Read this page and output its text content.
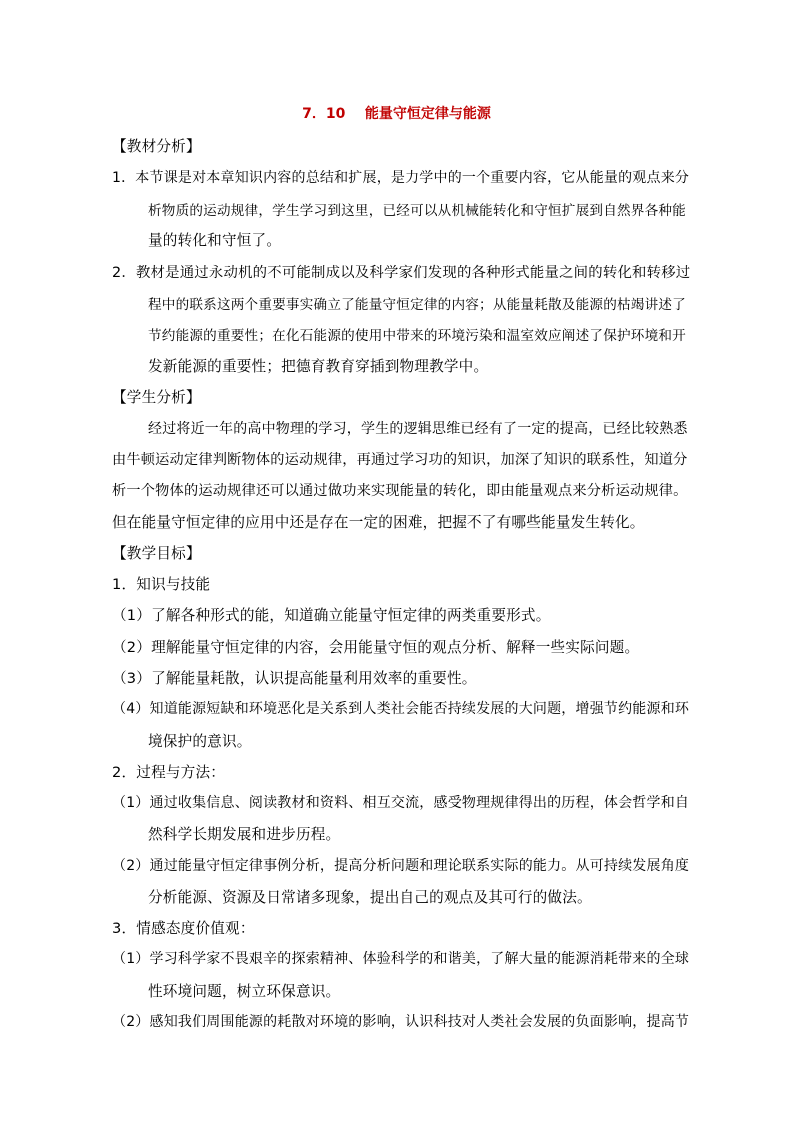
7．10    能量守恒定律与能源
【教材分析】
1．本节课是对本章知识内容的总结和扩展，是力学中的一个重要内容，它从能量的观点来分
析物质的运动规律，学生学习到这里，已经可以从机械能转化和守恒扩展到自然界各种能
量的转化和守恒了。
2．教材是通过永动机的不可能制成以及科学家们发现的各种形式能量之间的转化和转移过
程中的联系这两个重要事实确立了能量守恒定律的内容；从能量耗散及能源的枯竭讲述了
节约能源的重要性；在化石能源的使用中带来的环境污染和温室效应阐述了保护环境和开
发新能源的重要性；把德育教育穿插到物理教学中。
【学生分析】
经过将近一年的高中物理的学习，学生的逻辑思维已经有了一定的提高，已经比较熟悉
由牛顿运动定律判断物体的运动规律，再通过学习功的知识，加深了知识的联系性，知道分
析一个物体的运动规律还可以通过做功来实现能量的转化，即由能量观点来分析运动规律。
但在能量守恒定律的应用中还是存在一定的困难，把握不了有哪些能量发生转化。
【教学目标】
1．知识与技能
（1）了解各种形式的能，知道确立能量守恒定律的两类重要形式。
（2）理解能量守恒定律的内容，会用能量守恒的观点分析、解释一些实际问题。
（3）了解能量耗散，认识提高能量利用效率的重要性。
（4）知道能源短缺和环境恶化是关系到人类社会能否持续发展的大问题，增强节约能源和环
境保护的意识。
2．过程与方法：
（1）通过收集信息、阅读教材和资料、相互交流，感受物理规律得出的历程，体会哲学和自
然科学长期发展和进步历程。
（2）通过能量守恒定律事例分析，提高分析问题和理论联系实际的能力。从可持续发展角度
分析能源、资源及日常诸多现象，提出自己的观点及其可行的做法。
3．情感态度价值观：
（1）学习科学家不畏艰辛的探索精神、体验科学的和谐美，了解大量的能源消耗带来的全球
性环境问题，树立环保意识。
（2）感知我们周围能源的耗散对环境的影响，认识科技对人类社会发展的负面影响，提高节
